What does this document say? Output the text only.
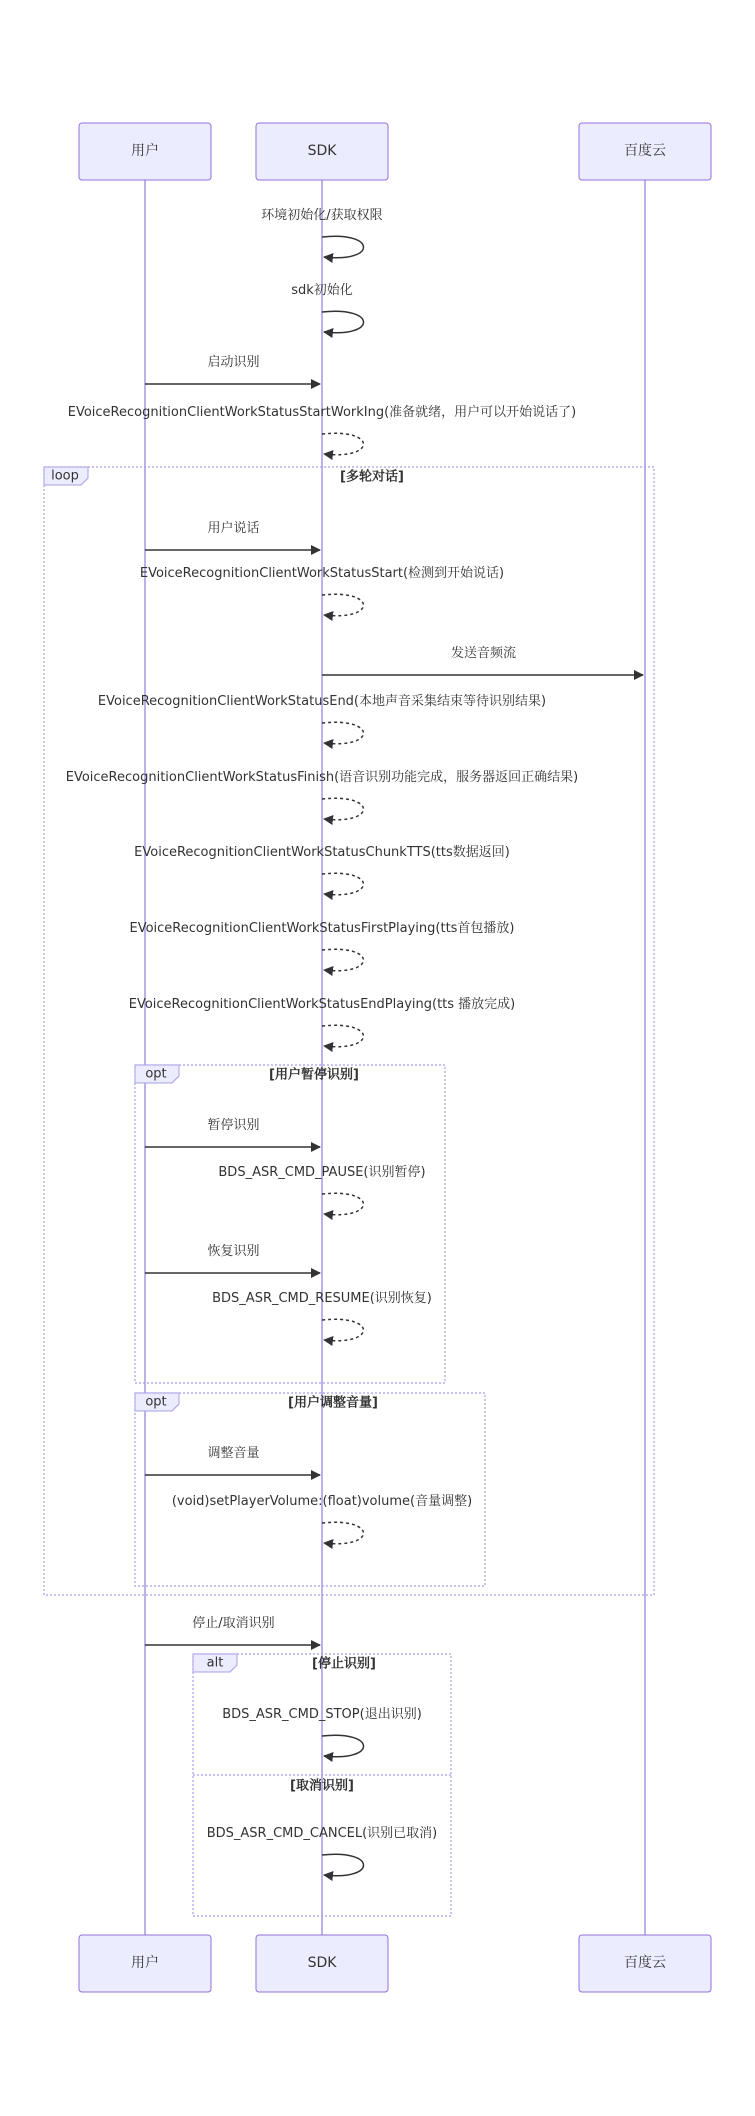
用户	SDK	百度云
用户	SDK	百度云
loop	[多轮对话]
opt	[用户暂停识别]
opt	[用户调整音量]
alt	[停止识别]
[取消识别]
环境初始化/获取权限
sdk初始化
启动识别
EVoiceRecognitionClientWorkStatusStartWorkIng(准备就绪，用户可以开始说话了)
用户说话
EVoiceRecognitionClientWorkStatusStart(检测到开始说话)
发送音频流
EVoiceRecognitionClientWorkStatusEnd(本地声音采集结束等待识别结果)
EVoiceRecognitionClientWorkStatusFinish(语音识别功能完成，服务器返回正确结果)
EVoiceRecognitionClientWorkStatusChunkTTS(tts数据返回)
EVoiceRecognitionClientWorkStatusFirstPlaying(tts首包播放)
EVoiceRecognitionClientWorkStatusEndPlaying(tts 播放完成)
暂停识别
BDS_ASR_CMD_PAUSE(识别暂停)
恢复识别
BDS_ASR_CMD_RESUME(识别恢复)
调整音量
(void)setPlayerVolume:(float)volume(音量调整)
停止/取消识别
BDS_ASR_CMD_STOP(退出识别)
BDS_ASR_CMD_CANCEL(识别已取消)
